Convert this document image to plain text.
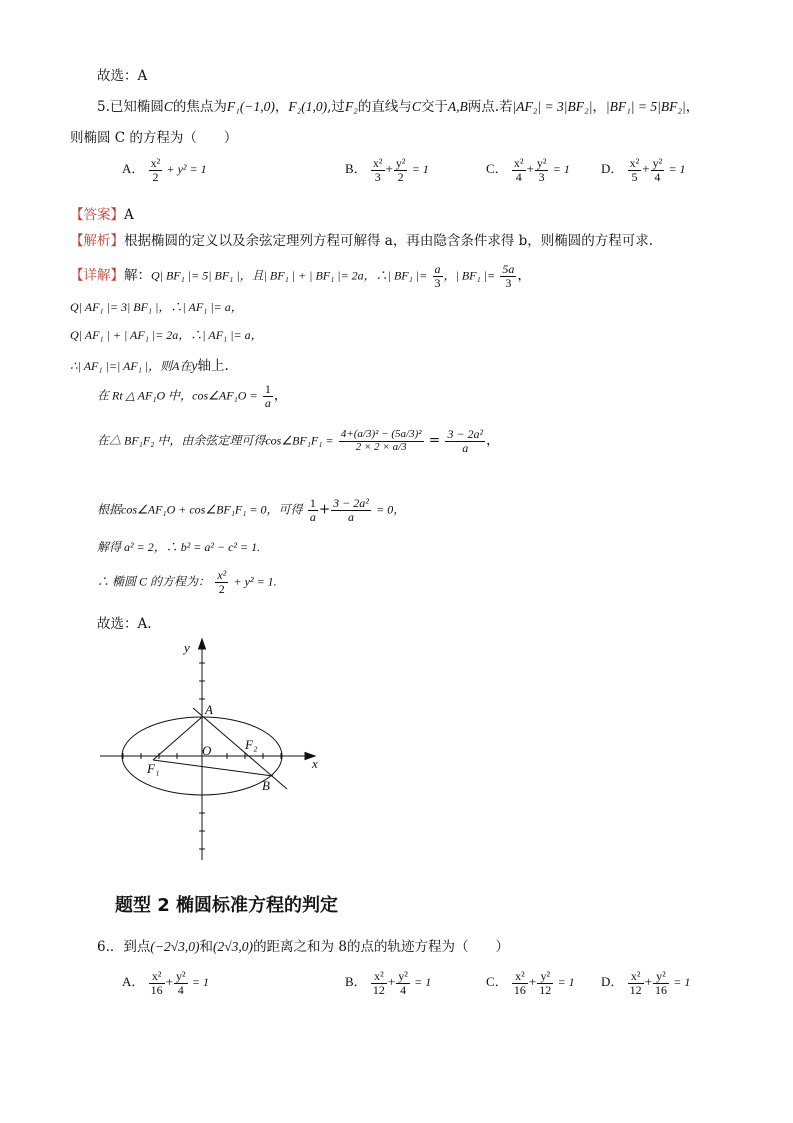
故选：A
5.已知椭圆C的焦点为F₁(−1,0)，F₂(1,0),过F₂的直线与C交于A,B两点.若|AF₂| = 3|BF₂|，|BF₁| = 5|BF₂|，
则椭圆 C 的方程为（　　）
A． $\frac{\text{x²}}{2} + y^2 = 1$	B． $\frac{\text{x²}}{3} + \frac{\text{y²}}{2} = 1$	C． $\frac{\text{x²}}{4} + \frac{\text{y²}}{3} = 1$ D． $\frac{\text{x²}}{5} + \frac{\text{y²}}{4} = 1$
【答案】A
【解析】根据椭圆的定义以及余弦定理列方程可解得 a，再由隐含条件求得 b，则椭圆的方程可求.
【详解】解：Q| BF₁ |= 5| BF₁ |，且| BF₁ | + | BF₁ |= 2a，∴| BF₁ |= $\frac{a}{3}$ ，| BF₁ |= $\frac{5a}{3}$ ，
Q| AF₁ |= 3| BF₁ |，∴| AF₁ |= a，
Q| AF₁ | + | AF₁ |= 2a，∴| AF₁ |= a，
∴| AF₁ |=| AF₁ |，则A在y轴上.
在 Rt △ AF₁O 中，cos∠AF₁O = $\frac{1}{a}$ ，
在△ BF₁F₂ 中，由余弦定理可得cos∠BF₁F₁ = $\frac{\text{4+(a/3)² − (5a/3)²}}{2 \times 2 \times a/3} = \frac{\text{3 − 2a²}}{a}$ ，
根据cos∠AF₁O + cos∠BF₁F₁ = 0，可得 $\frac{1}{a} + \frac{\text{3 − 2a²}}{a} = 0$，
解得 a² = 2，∴ b² = a² − c² = 1.
∴ 椭圆 C 的方程为： $\frac{\text{x²}}{2} + y^2 = 1$.
故选：A.
y
x
A
O
F₁
F₂
B
题型 2 椭圆标准方程的判定
6.．到点(−2√3,0)和(2√3,0)的距离之和为 8的点的轨迹方程为（　　）
A． $\frac{\text{x²}}{16} + \frac{\text{y²}}{4} = 1$	B． $\frac{\text{x²}}{12} + \frac{\text{y²}}{4} = 1$	C． $\frac{\text{x²}}{16} + \frac{\text{y²}}{12} = 1$ D． $\frac{\text{x²}}{12} + \frac{\text{y²}}{16} = 1$
